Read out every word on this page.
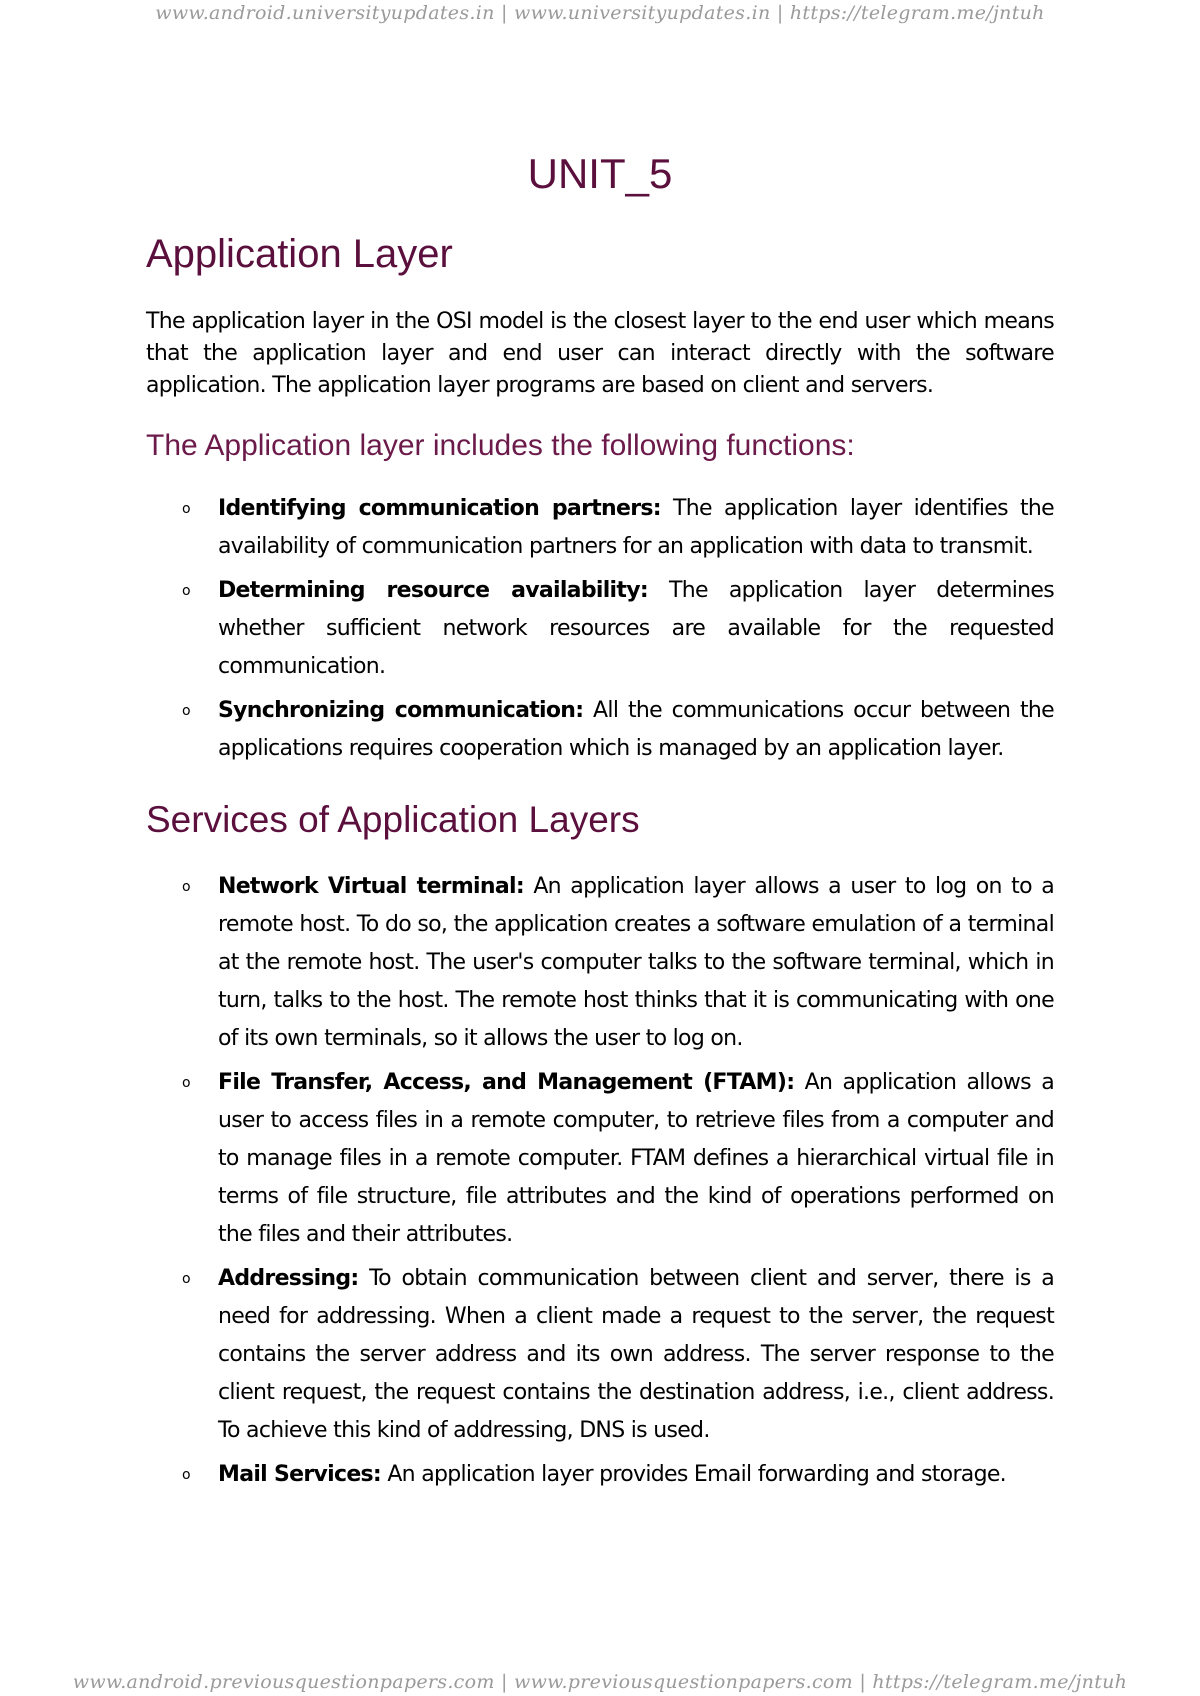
www.android.universityupdates.in | www.universityupdates.in | https://telegram.me/jntuh
UNIT_5
Application Layer

The application layer in the OSI model is the closest layer to the end user which means that the application layer and end user can interact directly with the software application. The application layer programs are based on client and servers.

The Application layer includes the following functions:
o Identifying communication partners: The application layer identifies the availability of communication partners for an application with data to transmit.
o Determining resource availability: The application layer determines whether sufficient network resources are available for the requested communication.
o Synchronizing communication: All the communications occur between the applications requires cooperation which is managed by an application layer.
Services of Application Layers
o Network Virtual terminal: An application layer allows a user to log on to a remote host. To do so, the application creates a software emulation of a terminal at the remote host. The user's computer talks to the software terminal, which in turn, talks to the host. The remote host thinks that it is communicating with one of its own terminals, so it allows the user to log on.
o File Transfer, Access, and Management (FTAM): An application allows a user to access files in a remote computer, to retrieve files from a computer and to manage files in a remote computer. FTAM defines a hierarchical virtual file in terms of file structure, file attributes and the kind of operations performed on the files and their attributes.
o Addressing: To obtain communication between client and server, there is a need for addressing. When a client made a request to the server, the request contains the server address and its own address. The server response to the client request, the request contains the destination address, i.e., client address. To achieve this kind of addressing, DNS is used.
o Mail Services: An application layer provides Email forwarding and storage.
www.android.previousquestionpapers.com | www.previousquestionpapers.com | https://telegram.me/jntuh
